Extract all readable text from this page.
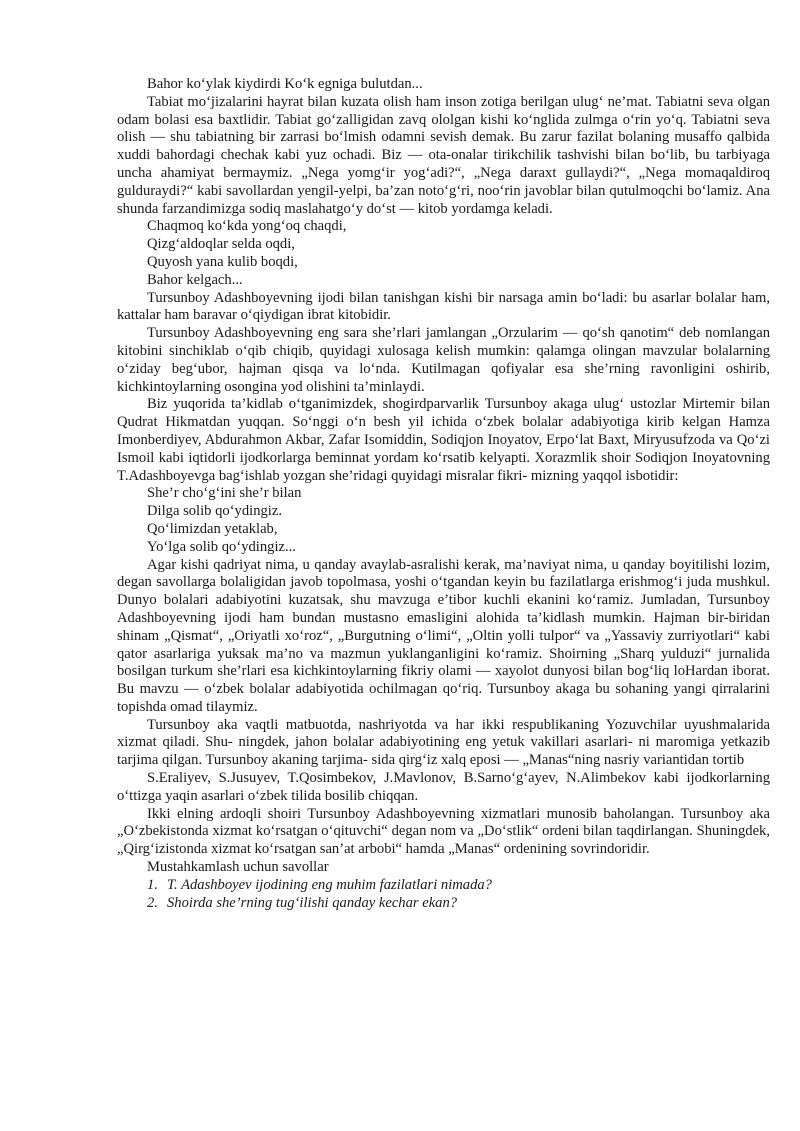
Bahor ko‘ylak kiydirdi Ko‘k egniga bulutdan...

Tabiat mo‘jizalarini hayrat bilan kuzata olish ham inson zotiga berilgan ulug‘ ne’mat. Tabiatni seva olgan odam bolasi esa baxtlidir. Tabiat go‘zalligidan zavq ololgan kishi ko‘nglida zulmga o‘rin yo‘q. Tabiatni seva olish — shu tabiatning bir zarrasi bo‘lmish odamni sevish demak. Bu zarur fazilat bolaning musaffo qalbida xuddi bahordagi chechak kabi yuz ochadi. Biz — ota-onalar tirikchilik tashvishi bilan bo‘lib, bu tarbiyaga uncha ahamiyat bermaymiz. „Nega yomg‘ir yog‘adi?“, „Nega daraxt gullaydi?“, „Nega momaqaldiroq gulduraydi?“ kabi savollardan yengil-yelpi, ba’zan noto‘g‘ri, noo‘rin javoblar bilan qutulmoqchi bo‘lamiz. Ana shunda farzandimizga sodiq maslahatgo‘y do‘st — kitob yordamga keladi.

Chaqmoq ko‘kda yong‘oq chaqdi,

Qizg‘aldoqlar selda oqdi,

Quyosh yana kulib boqdi,

Bahor kelgach...

Tursunboy Adashboyevning ijodi bilan tanishgan kishi bir narsaga amin bo‘ladi: bu asarlar bolalar ham, kattalar ham baravar o‘qiydigan ibrat kitobidir.

Tursunboy Adashboyevning eng sara she’rlari jamlangan „Orzularim — qo‘sh qanotim“ deb nomlangan kitobini sinchiklab o‘qib chiqib, quyidagi xulosaga kelish mumkin: qalamga olingan mavzular bolalarning o‘ziday beg‘ubor, hajman qisqa va lo‘nda. Kutilmagan qofiyalar esa she’rning ravonligini oshirib, kichkintoylarning osongina yod olishini ta’minlaydi.

Biz yuqorida ta’kidlab o‘tganimizdek, shogirdparvarlik Tursunboy akaga ulug‘ ustozlar Mirtemir bilan Qudrat Hikmatdan yuqqan. So‘nggi o‘n besh yil ichida o‘zbek bolalar adabiyotiga kirib kelgan Hamza Imonberdiyev, Abdurahmon Akbar, Zafar Isomiddin, Sodiqjon Inoyatov, Erpo‘lat Baxt, Miryusufzoda va Qo‘zi Ismoil kabi iqtidorli ijodkorlarga beminnat yordam ko‘rsatib kelyapti. Xorazmlik shoir Sodiqjon Inoyatovning T.Adashboyevga bag‘ishlab yozgan she’ridagi quyidagi misralar fikri- mizning yaqqol isbotidir:

She’r cho‘g‘ini she’r bilan

Dilga solib qo‘ydingiz.

Qo‘limizdan yetaklab,

Yo‘lga solib qo‘ydingiz...

Agar kishi qadriyat nima, u qanday avaylab-asralishi kerak, ma’naviyat nima, u qanday boyitilishi lozim, degan savollarga bolaligidan javob topolmasa, yoshi o‘tgandan keyin bu fazilatlarga erishmog‘i juda mushkul. Dunyo bolalari adabiyotini kuzatsak, shu mavzuga e’tibor kuchli ekanini ko‘ramiz. Jumladan, Tursunboy Adashboyevning ijodi ham bundan mustasno emasligini alohida ta’kidlash mumkin. Hajman bir-biridan shinam „Qismat“, „Oriyatli xo‘roz“, „Burgutning o‘limi“, „Oltin yolli tulpor“ va „Yassaviy zurriyotlari“ kabi qator asarlariga yuksak ma’no va mazmun yuklanganligini ko‘ramiz. Shoirning „Sharq yulduzi“ jurnalida bosilgan turkum she’rlari esa kichkintoylarning fikriy olami — xayolot dunyosi bilan bog‘liq loHardan iborat. Bu mavzu — o‘zbek bolalar adabiyotida ochilmagan qo‘riq. Tursunboy akaga bu sohaning yangi qirralarini topishda omad tilaymiz.

Tursunboy aka vaqtli matbuotda, nashriyotda va har ikki respublikaning Yozuvchilar uyushmalarida xizmat qiladi. Shu- ningdek, jahon bolalar adabiyotining eng yetuk vakillari asarlari- ni maromiga yetkazib tarjima qilgan. Tursunboy akaning tarjima- sida qirg‘iz xalq eposi — „Manas“ning nasriy variantidan tortib

S.Eraliyev, S.Jusuyev, T.Qosimbekov, J.Mavlonov, B.Sarno‘g‘ayev, N.Alimbekov kabi ijodkorlarning o‘ttizga yaqin asarlari o‘zbek tilida bosilib chiqqan.

Ikki elning ardoqli shoiri Tursunboy Adashboyevning xizmatlari munosib baholangan. Tursunboy aka „O‘zbekistonda xizmat ko‘rsatgan o‘qituvchi“ degan nom va „Do‘stlik“ ordeni bilan taqdirlangan. Shuningdek, „Qirg‘izistonda xizmat ko‘rsatgan san’at arbobi“ hamda „Manas“ ordenining sovrindoridir.

Mustahkamlash uchun savollar

1. T. Adashboyev ijodining eng muhim fazilatlari nimada?
2. Shoirda she’rning tug‘ilishi qanday kechar ekan?
